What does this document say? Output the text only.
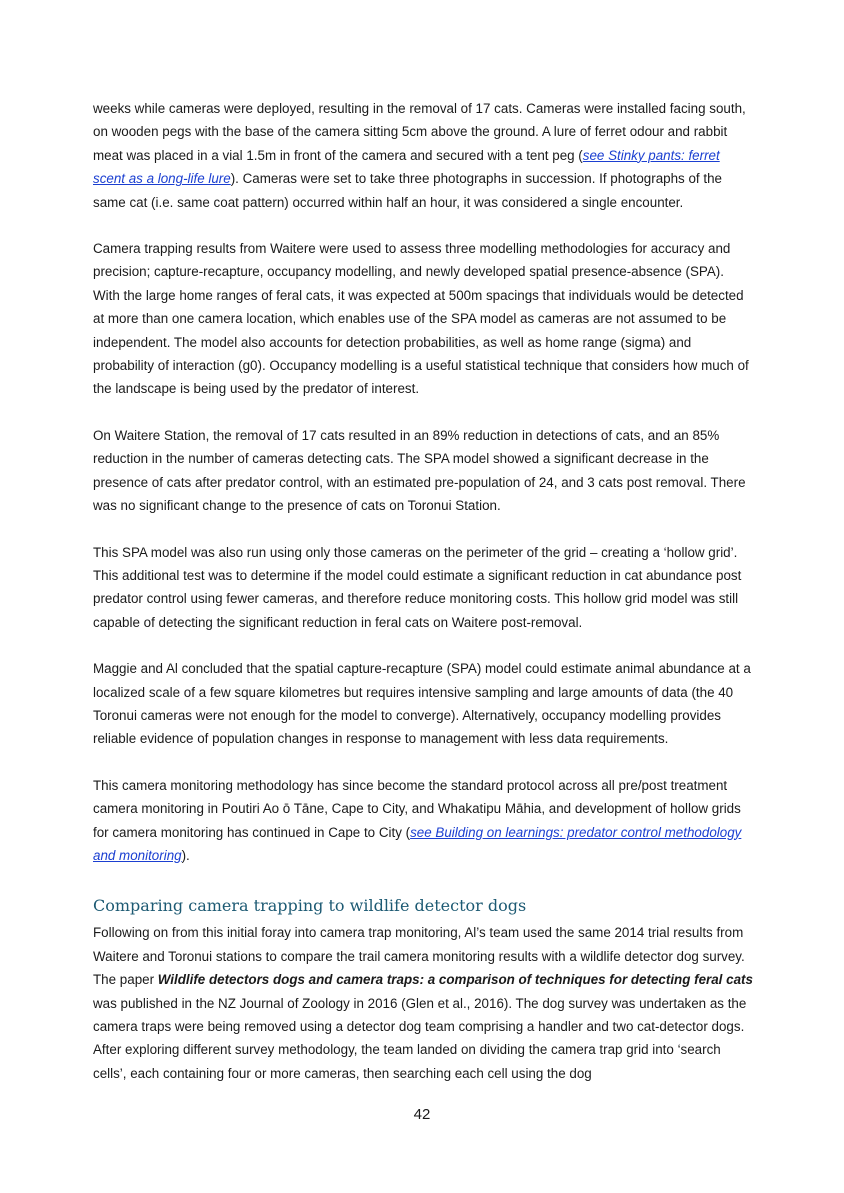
weeks while cameras were deployed, resulting in the removal of 17 cats. Cameras were installed facing south, on wooden pegs with the base of the camera sitting 5cm above the ground. A lure of ferret odour and rabbit meat was placed in a vial 1.5m in front of the camera and secured with a tent peg (see Stinky pants: ferret scent as a long-life lure). Cameras were set to take three photographs in succession. If photographs of the same cat (i.e. same coat pattern) occurred within half an hour, it was considered a single encounter.

Camera trapping results from Waitere were used to assess three modelling methodologies for accuracy and precision; capture-recapture, occupancy modelling, and newly developed spatial presence-absence (SPA). With the large home ranges of feral cats, it was expected at 500m spacings that individuals would be detected at more than one camera location, which enables use of the SPA model as cameras are not assumed to be independent. The model also accounts for detection probabilities, as well as home range (sigma) and probability of interaction (g0). Occupancy modelling is a useful statistical technique that considers how much of the landscape is being used by the predator of interest.

On Waitere Station, the removal of 17 cats resulted in an 89% reduction in detections of cats, and an 85% reduction in the number of cameras detecting cats. The SPA model showed a significant decrease in the presence of cats after predator control, with an estimated pre-population of 24, and 3 cats post removal. There was no significant change to the presence of cats on Toronui Station.

This SPA model was also run using only those cameras on the perimeter of the grid – creating a ‘hollow grid’. This additional test was to determine if the model could estimate a significant reduction in cat abundance post predator control using fewer cameras, and therefore reduce monitoring costs. This hollow grid model was still capable of detecting the significant reduction in feral cats on Waitere post-removal.

Maggie and Al concluded that the spatial capture-recapture (SPA) model could estimate animal abundance at a localized scale of a few square kilometres but requires intensive sampling and large amounts of data (the 40 Toronui cameras were not enough for the model to converge). Alternatively, occupancy modelling provides reliable evidence of population changes in response to management with less data requirements.

This camera monitoring methodology has since become the standard protocol across all pre/post treatment camera monitoring in Poutiri Ao ō Tāne, Cape to City, and Whakatipu Māhia, and development of hollow grids for camera monitoring has continued in Cape to City (see Building on learnings: predator control methodology and monitoring).

Comparing camera trapping to wildlife detector dogs

Following on from this initial foray into camera trap monitoring, Al’s team used the same 2014 trial results from Waitere and Toronui stations to compare the trail camera monitoring results with a wildlife detector dog survey. The paper Wildlife detectors dogs and camera traps: a comparison of techniques for detecting feral cats was published in the NZ Journal of Zoology in 2016 (Glen et al., 2016). The dog survey was undertaken as the camera traps were being removed using a detector dog team comprising a handler and two cat-detector dogs. After exploring different survey methodology, the team landed on dividing the camera trap grid into ‘search cells’, each containing four or more cameras, then searching each cell using the dog

42
